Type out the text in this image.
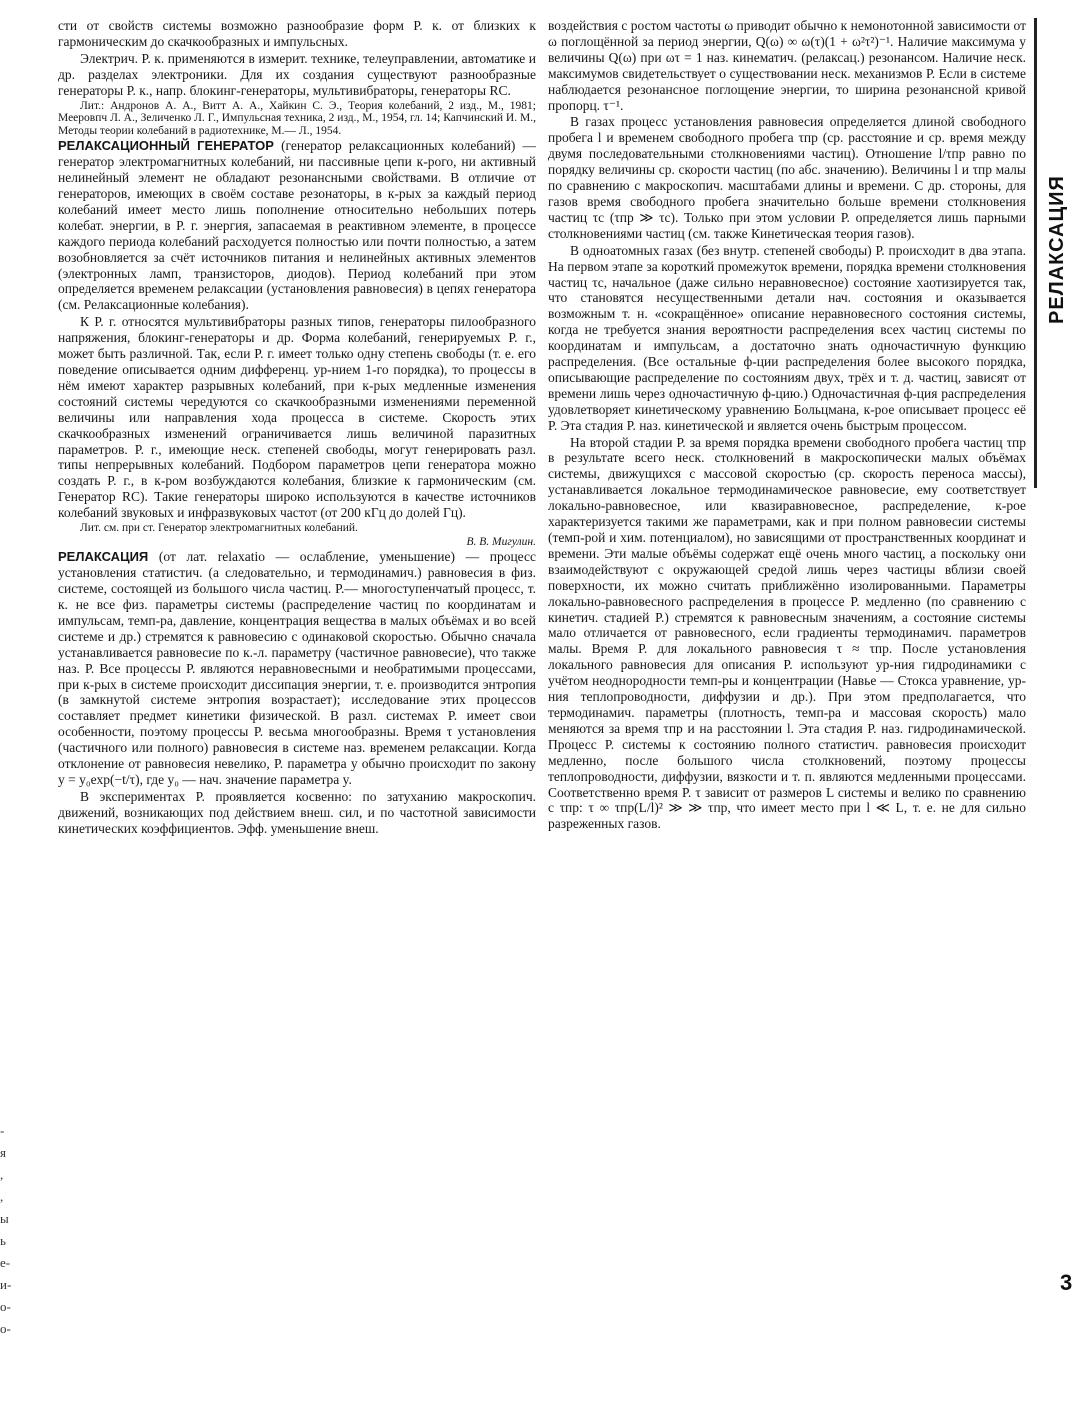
сти от свойств системы возможно разнообразие форм Р. к. от близких к гармоническим до скачкообразных и импульсных.

Электрич. Р. к. применяются в измерит. технике, телеуправлении, автоматике и др. разделах электроники. Для их создания существуют разнообразные генераторы Р. к., напр. блокинг-генераторы, мультивибраторы, генераторы RC.

Лит.: Андронов А. А., Витт А. А., Хайкин С. Э., Теория колебаний, 2 изд., М., 1981; Мееровпч Л. А., Зеличенко Л. Г., Импульсная техника, 2 изд., М., 1954, гл. 14; Капчинский И. М., Методы теории колебаний в радиотехнике, М.— Л., 1954.

РЕЛАКСАЦИОННЫЙ ГЕНЕРАТОР (генератор релаксационных колебаний) — генератор электромагнитных колебаний, ни пассивные цепи к-рого, ни активный нелинейный элемент не обладают резонансными свойствами. В отличие от генераторов, имеющих в своём составе резонаторы, в к-рых за каждый период колебаний имеет место лишь пополнение относительно небольших потерь колебат. энергии, в Р. г. энергия, запасаемая в реактивном элементе, в процессе каждого периода колебаний расходуется полностью или почти полностью, а затем возобновляется за счёт источников питания и нелинейных активных элементов (электронных ламп, транзисторов, диодов). Период колебаний при этом определяется временем релаксации (установления равновесия) в цепях генератора (см. Релаксационные колебания).

К Р. г. относятся мультивибраторы разных типов, генераторы пилообразного напряжения, блокинг-генераторы и др. Форма колебаний, генерируемых Р. г., может быть различной. Так, если Р. г. имеет только одну степень свободы (т. е. его поведение описывается одним дифференц. ур-нием 1-го порядка), то процессы в нём имеют характер разрывных колебаний, при к-рых медленные изменения состояний системы чередуются со скачкообразными изменениями переменной величины или направления хода процесса в системе. Скорость этих скачкообразных изменений ограничивается лишь величиной паразитных параметров. Р. г., имеющие неск. степеней свободы, могут генерировать разл. типы непрерывных колебаний. Подбором параметров цепи генератора можно создать Р. г., в к-ром возбуждаются колебания, близкие к гармоническим (см. Генератор RC). Такие генераторы широко используются в качестве источников колебаний звуковых и инфразвуковых частот (от 200 кГц до долей Гц).

Лит. см. при ст. Генератор электромагнитных колебаний.

В. В. Мигулин.

РЕЛАКСАЦИЯ (от лат. relaxatio — ослабление, уменьшение) — процесс установления статистич. (а следовательно, и термодинамич.) равновесия в физ. системе, состоящей из большого числа частиц. Р.— многоступенчатый процесс, т. к. не все физ. параметры системы (распределение частиц по координатам и импульсам, темп-ра, давление, концентрация вещества в малых объёмах и во всей системе и др.) стремятся к равновесию с одинаковой скоростью. Обычно сначала устанавливается равновесие по к.-л. параметру (частичное равновесие), что также наз. Р. Все процессы Р. являются неравновесными и необратимыми процессами, при к-рых в системе происходит диссипация энергии, т. е. производится энтропия (в замкнутой системе энтропия возрастает); исследование этих процессов составляет предмет кинетики физической. В разл. системах Р. имеет свои особенности, поэтому процессы Р. весьма многообразны. Время τ установления (частичного или полного) равновесия в системе наз. временем релаксации. Когда отклонение от равновесия невелико, Р. параметра y обычно происходит по закону y = y₀exp(−t/τ), где y₀ — нач. значение параметра y.

В экспериментах Р. проявляется косвенно: по затуханию макроскопич. движений, возникающих под действием внеш. сил, и по частотной зависимости кинетических коэффициентов. Эфф. уменьшение внеш.

воздействия с ростом частоты ω приводит обычно к немонотонной зависимости от ω поглощённой за период энергии, Q(ω) ∞ ω(τ)(1 + ω²τ²)⁻¹. Наличие максимума у величины Q(ω) при ωτ = 1 наз. кинематич. (релаксац.) резонансом. Наличие неск. максимумов свидетельствует о существовании неск. механизмов Р. Если в системе наблюдается резонансное поглощение энергии, то ширина резонансной кривой пропорц. τ⁻¹.

В газах процесс установления равновесия определяется длиной свободного пробега l и временем свободного пробега τпр (ср. расстояние и ср. время между двумя последовательными столкновениями частиц). Отношение l/τпр равно по порядку величины ср. скорости частиц (по абс. значению). Величины l и τпр малы по сравнению с макроскопич. масштабами длины и времени. С др. стороны, для газов время свободного пробега значительно больше времени столкновения частиц τc (τпр ≫ τc). Только при этом условии Р. определяется лишь парными столкновениями частиц (см. также Кинетическая теория газов).

В одноатомных газах (без внутр. степеней свободы) Р. происходит в два этапа. На первом этапе за короткий промежуток времени, порядка времени столкновения частиц τc, начальное (даже сильно неравновесное) состояние хаотизируется так, что становятся несущественными детали нач. состояния и оказывается возможным т. н. «сокращённое» описание неравновесного состояния системы, когда не требуется знания вероятности распределения всех частиц системы по координатам и импульсам, а достаточно знать одночастичную функцию распределения. (Все остальные ф-ции распределения более высокого порядка, описывающие распределение по состояниям двух, трёх и т. д. частиц, зависят от времени лишь через одночастичную ф-цию.) Одночастичная ф-ция распределения удовлетворяет кинетическому уравнению Больцмана, к-рое описывает процесс её Р. Эта стадия Р. наз. кинетической и является очень быстрым процессом.

На второй стадии Р. за время порядка времени свободного пробега частиц τпр в результате всего неск. столкновений в макроскопически малых объёмах системы, движущихся с массовой скоростью (ср. скорость переноса массы), устанавливается локальное термодинамическое равновесие, ему соответствует локально-равновесное, или квазиравновесное, распределение, к-рое характеризуется такими же параметрами, как и при полном равновесии системы (темп-рой и хим. потенциалом), но зависящими от пространственных координат и времени. Эти малые объёмы содержат ещё очень много частиц, а поскольку они взаимодействуют с окружающей средой лишь через частицы вблизи своей поверхности, их можно считать приближённо изолированными. Параметры локально-равновесного распределения в процессе Р. медленно (по сравнению с кинетич. стадией Р.) стремятся к равновесным значениям, а состояние системы мало отличается от равновесного, если градиенты термодинамич. параметров малы. Время Р. для локального равновесия τ ≈ τпр. После установления локального равновесия для описания Р. используют ур-ния гидродинамики с учётом неоднородности темп-ры и концентрации (Навье — Стокса уравнение, ур-ния теплопроводности, диффузии и др.). При этом предполагается, что термодинамич. параметры (плотность, темп-ра и массовая скорость) мало меняются за время τпр и на расстоянии l. Эта стадия Р. наз. гидродинамической. Процесс Р. системы к состоянию полного статистич. равновесия происходит медленно, после большого числа столкновений, поэтому процессы теплопроводности, диффузии, вязкости и т. п. являются медленными процессами. Соответственно время Р. τ зависит от размеров L системы и велико по сравнению с τпр: τ ∞ τпр(L/l)² ≫ ≫ τпр, что имеет место при l ≪ L, т. е. не для сильно разреженных газов.

РЕЛАКСАЦИЯ
3
-
я
,
,
ы
ь
е-
и-
о-
о-
